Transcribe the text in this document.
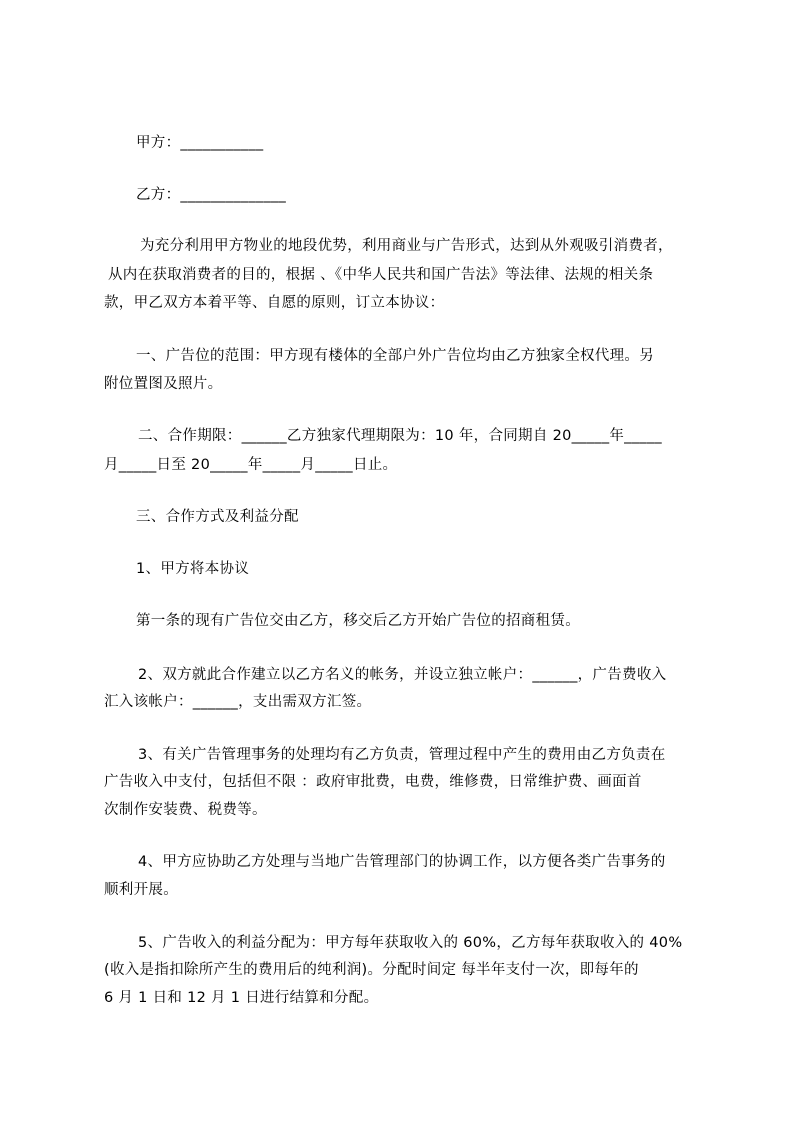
甲方：___________
乙方：______________
为充分利用甲方物业的地段优势，利用商业与广告形式，达到从外观吸引消费者，
从内在获取消费者的目的，根据 、《中华人民共和国广告法》等法律、法规的相关条
款，甲乙双方本着平等、自愿的原则，订立本协议：
一、广告位的范围：甲方现有楼体的全部户外广告位均由乙方独家全权代理。另
附位置图及照片。
二、合作期限：______乙方独家代理期限为：10 年，合同期自 20_____年_____
月_____日至 20_____年_____月_____日止。
三、合作方式及利益分配
1、甲方将本协议
第一条的现有广告位交由乙方，移交后乙方开始广告位的招商租赁。
2、双方就此合作建立以乙方名义的帐务，并设立独立帐户：______，广告费收入
汇入该帐户：______，支出需双方汇签。
3、有关广告管理事务的处理均有乙方负责，管理过程中产生的费用由乙方负责在
广告收入中支付，包括但不限 ：政府审批费，电费，维修费，日常维护费、画面首
次制作安装费、税费等。
4、甲方应协助乙方处理与当地广告管理部门的协调工作，以方便各类广告事务的
顺利开展。
5、广告收入的利益分配为：甲方每年获取收入的 60%，乙方每年获取收入的 40%
(收入是指扣除所产生的费用后的纯利润)。分配时间定 每半年支付一次，即每年的
6 月 1 日和 12 月 1 日进行结算和分配。
